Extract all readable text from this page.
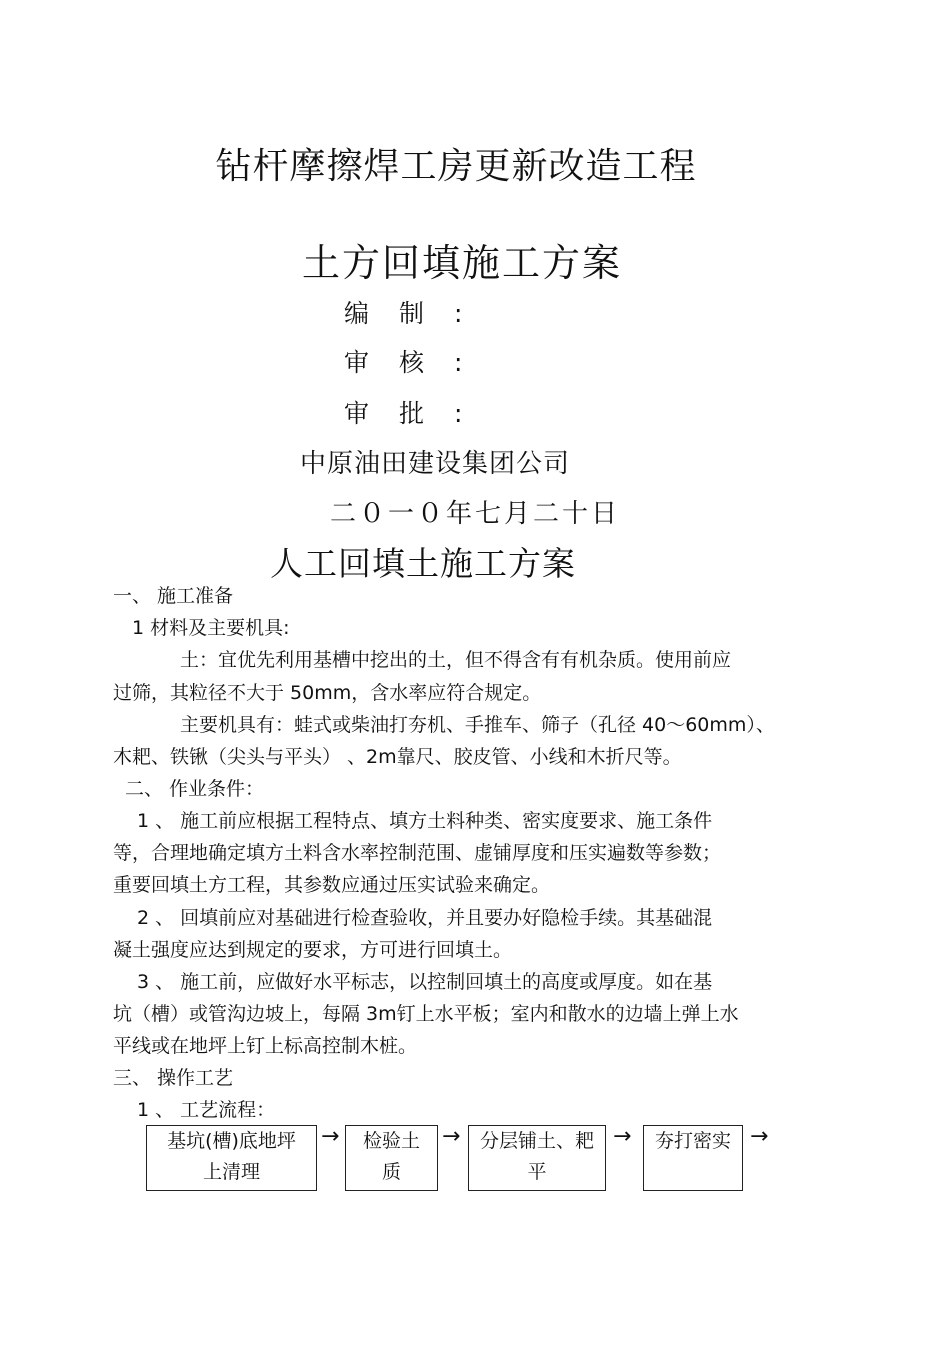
钻杆摩擦焊工房更新改造工程
土方回填施工方案
编制:
审核:
审批:
中原油田建设集团公司
二０一０年七月二十日
人工回填土施工方案
一、 施工准备
1 材料及主要机具:
土：宜优先利用基槽中挖出的土，但不得含有有机杂质。使用前应
过筛，其粒径不大于 50mm，含水率应符合规定。
主要机具有：蛙式或柴油打夯机、手推车、筛子（孔径 40～60mm）、
木耙、铁锹（尖头与平头） 、2m靠尺、胶皮管、小线和木折尺等。
二、 作业条件：
1 、 施工前应根据工程特点、填方土料种类、密实度要求、施工条件
等，合理地确定填方土料含水率控制范围、虚铺厚度和压实遍数等参数；
重要回填土方工程，其参数应通过压实试验来确定。
2 、 回填前应对基础进行检查验收，并且要办好隐检手续。其基础混
凝土强度应达到规定的要求，方可进行回填土。
3 、 施工前，应做好水平标志，以控制回填土的高度或厚度。如在基
坑（槽）或管沟边坡上，每隔 3m钉上水平板；室内和散水的边墙上弹上水
平线或在地坪上钉上标高控制木桩。
三、 操作工艺
1 、 工艺流程：
基坑(槽)底地坪
上清理
→	检验土
质
→	分层铺土、耙
平
→	夯打密实 →
